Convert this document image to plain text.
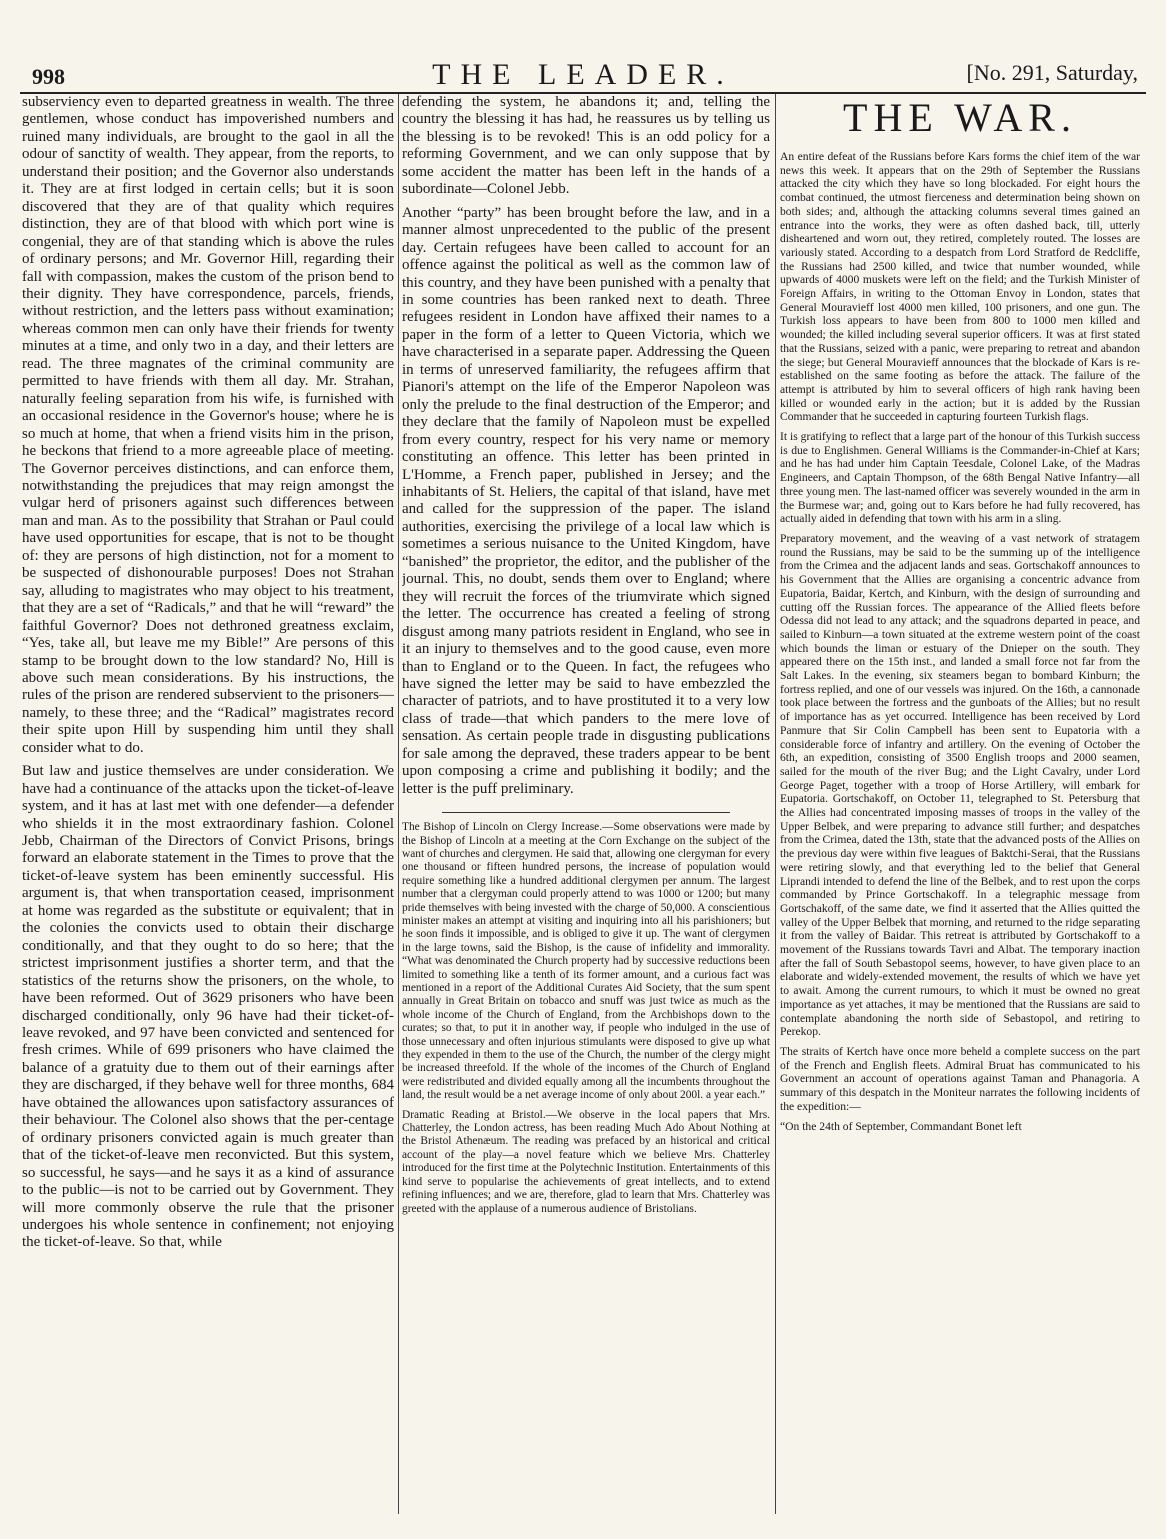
998	THE LEADER.	[No. 291, Saturday,

subserviency even to departed greatness in wealth. The three gentlemen, whose conduct has impoverished numbers and ruined many individuals, are brought to the gaol in all the odour of sanctity of wealth. They appear, from the reports, to understand their position; and the Governor also understands it. They are at first lodged in certain cells; but it is soon discovered that they are of that quality which requires distinction, they are of that blood with which port wine is congenial, they are of that standing which is above the rules of ordinary persons; and Mr. Governor Hill, regarding their fall with compassion, makes the custom of the prison bend to their dignity. They have correspondence, parcels, friends, without restriction, and the letters pass without examination; whereas common men can only have their friends for twenty minutes at a time, and only two in a day, and their letters are read. The three magnates of the criminal community are permitted to have friends with them all day. Mr. Strahan, naturally feeling separation from his wife, is furnished with an occasional residence in the Governor's house; where he is so much at home, that when a friend visits him in the prison, he beckons that friend to a more agreeable place of meeting. The Governor perceives distinctions, and can enforce them, notwithstanding the prejudices that may reign amongst the vulgar herd of prisoners against such differences between man and man. As to the possibility that Strahan or Paul could have used opportunities for escape, that is not to be thought of: they are persons of high distinction, not for a moment to be suspected of dishonourable purposes! Does not Strahan say, alluding to magistrates who may object to his treatment, that they are a set of “Radicals,” and that he will “reward” the faithful Governor? Does not dethroned greatness exclaim, “Yes, take all, but leave me my Bible!” Are persons of this stamp to be brought down to the low standard? No, Hill is above such mean considerations. By his instructions, the rules of the prison are rendered subservient to the prisoners—namely, to these three; and the “Radical” magistrates record their spite upon Hill by suspending him until they shall consider what to do.

But law and justice themselves are under consideration. We have had a continuance of the attacks upon the ticket-of-leave system, and it has at last met with one defender—a defender who shields it in the most extraordinary fashion. Colonel Jebb, Chairman of the Directors of Convict Prisons, brings forward an elaborate statement in the Times to prove that the ticket-of-leave system has been eminently successful. His argument is, that when transportation ceased, imprisonment at home was regarded as the substitute or equivalent; that in the colonies the convicts used to obtain their discharge conditionally, and that they ought to do so here; that the strictest imprisonment justifies a shorter term, and that the statistics of the returns show the prisoners, on the whole, to have been reformed. Out of 3629 prisoners who have been discharged conditionally, only 96 have had their ticket-of-leave revoked, and 97 have been convicted and sentenced for fresh crimes. While of 699 prisoners who have claimed the balance of a gratuity due to them out of their earnings after they are discharged, if they behave well for three months, 684 have obtained the allowances upon satisfactory assurances of their behaviour. The Colonel also shows that the per-centage of ordinary prisoners convicted again is much greater than that of the ticket-of-leave men reconvicted. But this system, so successful, he says—and he says it as a kind of assurance to the public—is not to be carried out by Government. They will more commonly observe the rule that the prisoner undergoes his whole sentence in confinement; not enjoying the ticket-of-leave. So that, while

defending the system, he abandons it; and, telling the country the blessing it has had, he reassures us by telling us the blessing is to be revoked! This is an odd policy for a reforming Government, and we can only suppose that by some accident the matter has been left in the hands of a subordinate—Colonel Jebb.

Another “party” has been brought before the law, and in a manner almost unprecedented to the public of the present day. Certain refugees have been called to account for an offence against the political as well as the common law of this country, and they have been punished with a penalty that in some countries has been ranked next to death. Three refugees resident in London have affixed their names to a paper in the form of a letter to Queen Victoria, which we have characterised in a separate paper. Addressing the Queen in terms of unreserved familiarity, the refugees affirm that Pianori's attempt on the life of the Emperor Napoleon was only the prelude to the final destruction of the Emperor; and they declare that the family of Napoleon must be expelled from every country, respect for his very name or memory constituting an offence. This letter has been printed in L'Homme, a French paper, published in Jersey; and the inhabitants of St. Heliers, the capital of that island, have met and called for the suppression of the paper. The island authorities, exercising the privilege of a local law which is sometimes a serious nuisance to the United Kingdom, have “banished” the proprietor, the editor, and the publisher of the journal. This, no doubt, sends them over to England; where they will recruit the forces of the triumvirate which signed the letter. The occurrence has created a feeling of strong disgust among many patriots resident in England, who see in it an injury to themselves and to the good cause, even more than to England or to the Queen. In fact, the refugees who have signed the letter may be said to have embezzled the character of patriots, and to have prostituted it to a very low class of trade—that which panders to the mere love of sensation. As certain people trade in disgusting publications for sale among the depraved, these traders appear to be bent upon composing a crime and publishing it bodily; and the letter is the puff preliminary.

The Bishop of Lincoln on Clergy Increase.—Some observations were made by the Bishop of Lincoln at a meeting at the Corn Exchange on the subject of the want of churches and clergymen. He said that, allowing one clergyman for every one thousand or fifteen hundred persons, the increase of population would require something like a hundred additional clergymen per annum. The largest number that a clergyman could properly attend to was 1000 or 1200; but many pride themselves with being invested with the charge of 50,000. A conscientious minister makes an attempt at visiting and inquiring into all his parishioners; but he soon finds it impossible, and is obliged to give it up. The want of clergymen in the large towns, said the Bishop, is the cause of infidelity and immorality. “What was denominated the Church property had by successive reductions been limited to something like a tenth of its former amount, and a curious fact was mentioned in a report of the Additional Curates Aid Society, that the sum spent annually in Great Britain on tobacco and snuff was just twice as much as the whole income of the Church of England, from the Archbishops down to the curates; so that, to put it in another way, if people who indulged in the use of those unnecessary and often injurious stimulants were disposed to give up what they expended in them to the use of the Church, the number of the clergy might be increased threefold. If the whole of the incomes of the Church of England were redistributed and divided equally among all the incumbents throughout the land, the result would be a net average income of only about 200l. a year each.”

Dramatic Reading at Bristol.—We observe in the local papers that Mrs. Chatterley, the London actress, has been reading Much Ado About Nothing at the Bristol Athenæum. The reading was prefaced by an historical and critical account of the play—a novel feature which we believe Mrs. Chatterley introduced for the first time at the Polytechnic Institution. Entertainments of this kind serve to popularise the achievements of great intellects, and to extend refining influences; and we are, therefore, glad to learn that Mrs. Chatterley was greeted with the applause of a numerous audience of Bristolians.

THE WAR.

An entire defeat of the Russians before Kars forms the chief item of the war news this week. It appears that on the 29th of September the Russians attacked the city which they have so long blockaded. For eight hours the combat continued, the utmost fierceness and determination being shown on both sides; and, although the attacking columns several times gained an entrance into the works, they were as often dashed back, till, utterly disheartened and worn out, they retired, completely routed. The losses are variously stated. According to a despatch from Lord Stratford de Redcliffe, the Russians had 2500 killed, and twice that number wounded, while upwards of 4000 muskets were left on the field; and the Turkish Minister of Foreign Affairs, in writing to the Ottoman Envoy in London, states that General Mouravieff lost 4000 men killed, 100 prisoners, and one gun. The Turkish loss appears to have been from 800 to 1000 men killed and wounded; the killed including several superior officers. It was at first stated that the Russians, seized with a panic, were preparing to retreat and abandon the siege; but General Mouravieff announces that the blockade of Kars is re-established on the same footing as before the attack. The failure of the attempt is attributed by him to several officers of high rank having been killed or wounded early in the action; but it is added by the Russian Commander that he succeeded in capturing fourteen Turkish flags.

It is gratifying to reflect that a large part of the honour of this Turkish success is due to Englishmen. General Williams is the Commander-in-Chief at Kars; and he has had under him Captain Teesdale, Colonel Lake, of the Madras Engineers, and Captain Thompson, of the 68th Bengal Native Infantry—all three young men. The last-named officer was severely wounded in the arm in the Burmese war; and, going out to Kars before he had fully recovered, has actually aided in defending that town with his arm in a sling.

Preparatory movement, and the weaving of a vast network of stratagem round the Russians, may be said to be the summing up of the intelligence from the Crimea and the adjacent lands and seas. Gortschakoff announces to his Government that the Allies are organising a concentric advance from Eupatoria, Baidar, Kertch, and Kinburn, with the design of surrounding and cutting off the Russian forces. The appearance of the Allied fleets before Odessa did not lead to any attack; and the squadrons departed in peace, and sailed to Kinburn—a town situated at the extreme western point of the coast which bounds the liman or estuary of the Dnieper on the south. They appeared there on the 15th inst., and landed a small force not far from the Salt Lakes. In the evening, six steamers began to bombard Kinburn; the fortress replied, and one of our vessels was injured. On the 16th, a cannonade took place between the fortress and the gunboats of the Allies; but no result of importance has as yet occurred. Intelligence has been received by Lord Panmure that Sir Colin Campbell has been sent to Eupatoria with a considerable force of infantry and artillery. On the evening of October the 6th, an expedition, consisting of 3500 English troops and 2000 seamen, sailed for the mouth of the river Bug; and the Light Cavalry, under Lord George Paget, together with a troop of Horse Artillery, will embark for Eupatoria. Gortschakoff, on October 11, telegraphed to St. Petersburg that the Allies had concentrated imposing masses of troops in the valley of the Upper Belbek, and were preparing to advance still further; and despatches from the Crimea, dated the 13th, state that the advanced posts of the Allies on the previous day were within five leagues of Baktchi-Serai, that the Russians were retiring slowly, and that everything led to the belief that General Liprandi intended to defend the line of the Belbek, and to rest upon the corps commanded by Prince Gortschakoff. In a telegraphic message from Gortschakoff, of the same date, we find it asserted that the Allies quitted the valley of the Upper Belbek that morning, and returned to the ridge separating it from the valley of Baidar. This retreat is attributed by Gortschakoff to a movement of the Russians towards Tavri and Albat. The temporary inaction after the fall of South Sebastopol seems, however, to have given place to an elaborate and widely-extended movement, the results of which we have yet to await. Among the current rumours, to which it must be owned no great importance as yet attaches, it may be mentioned that the Russians are said to contemplate abandoning the north side of Sebastopol, and retiring to Perekop.

The straits of Kertch have once more beheld a complete success on the part of the French and English fleets. Admiral Bruat has communicated to his Government an account of operations against Taman and Phanagoria. A summary of this despatch in the Moniteur narrates the following incidents of the expedition:—

“On the 24th of September, Commandant Bonet left
